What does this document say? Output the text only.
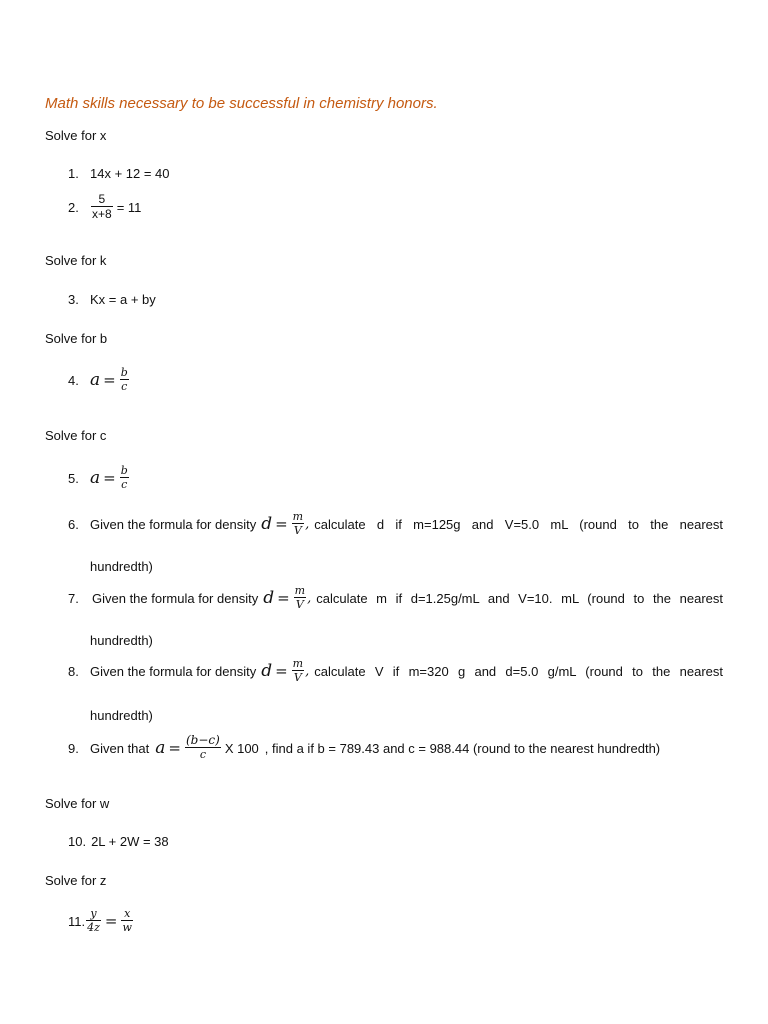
Math skills necessary to be successful in chemistry honors.
Solve for x
1. 14x + 12 = 40
2.	$\frac{5}{x+8} = 11$
Solve for k
3. Kx = a + by
Solve for b
4. $a = \frac{b}{c}$
Solve for c
5. $a = \frac{b}{c}$
6. Given the formula for density $d = \frac{m}{V}$ , calculate d if m=125g and V=5.0 mL (round to the nearest
hundredth)
7.	Given the formula for density $d = \frac{m}{V}$ , calculate m if d=1.25g/mL and V=10. mL (round to the nearest
hundredth)
8. Given the formula for density $d = \frac{m}{V}$ , calculate V if m=320 g and d=5.0 g/mL (round to the nearest
hundredth)
9. Given that $a = \frac{(b-c)}{c}$ X 100 , find a if b = 789.43 and c = 988.44 (round to the nearest hundredth)
Solve for w
10. 2L + 2W = 38
Solve for z
11. $\frac{y}{4z} = \frac{x}{w}$
